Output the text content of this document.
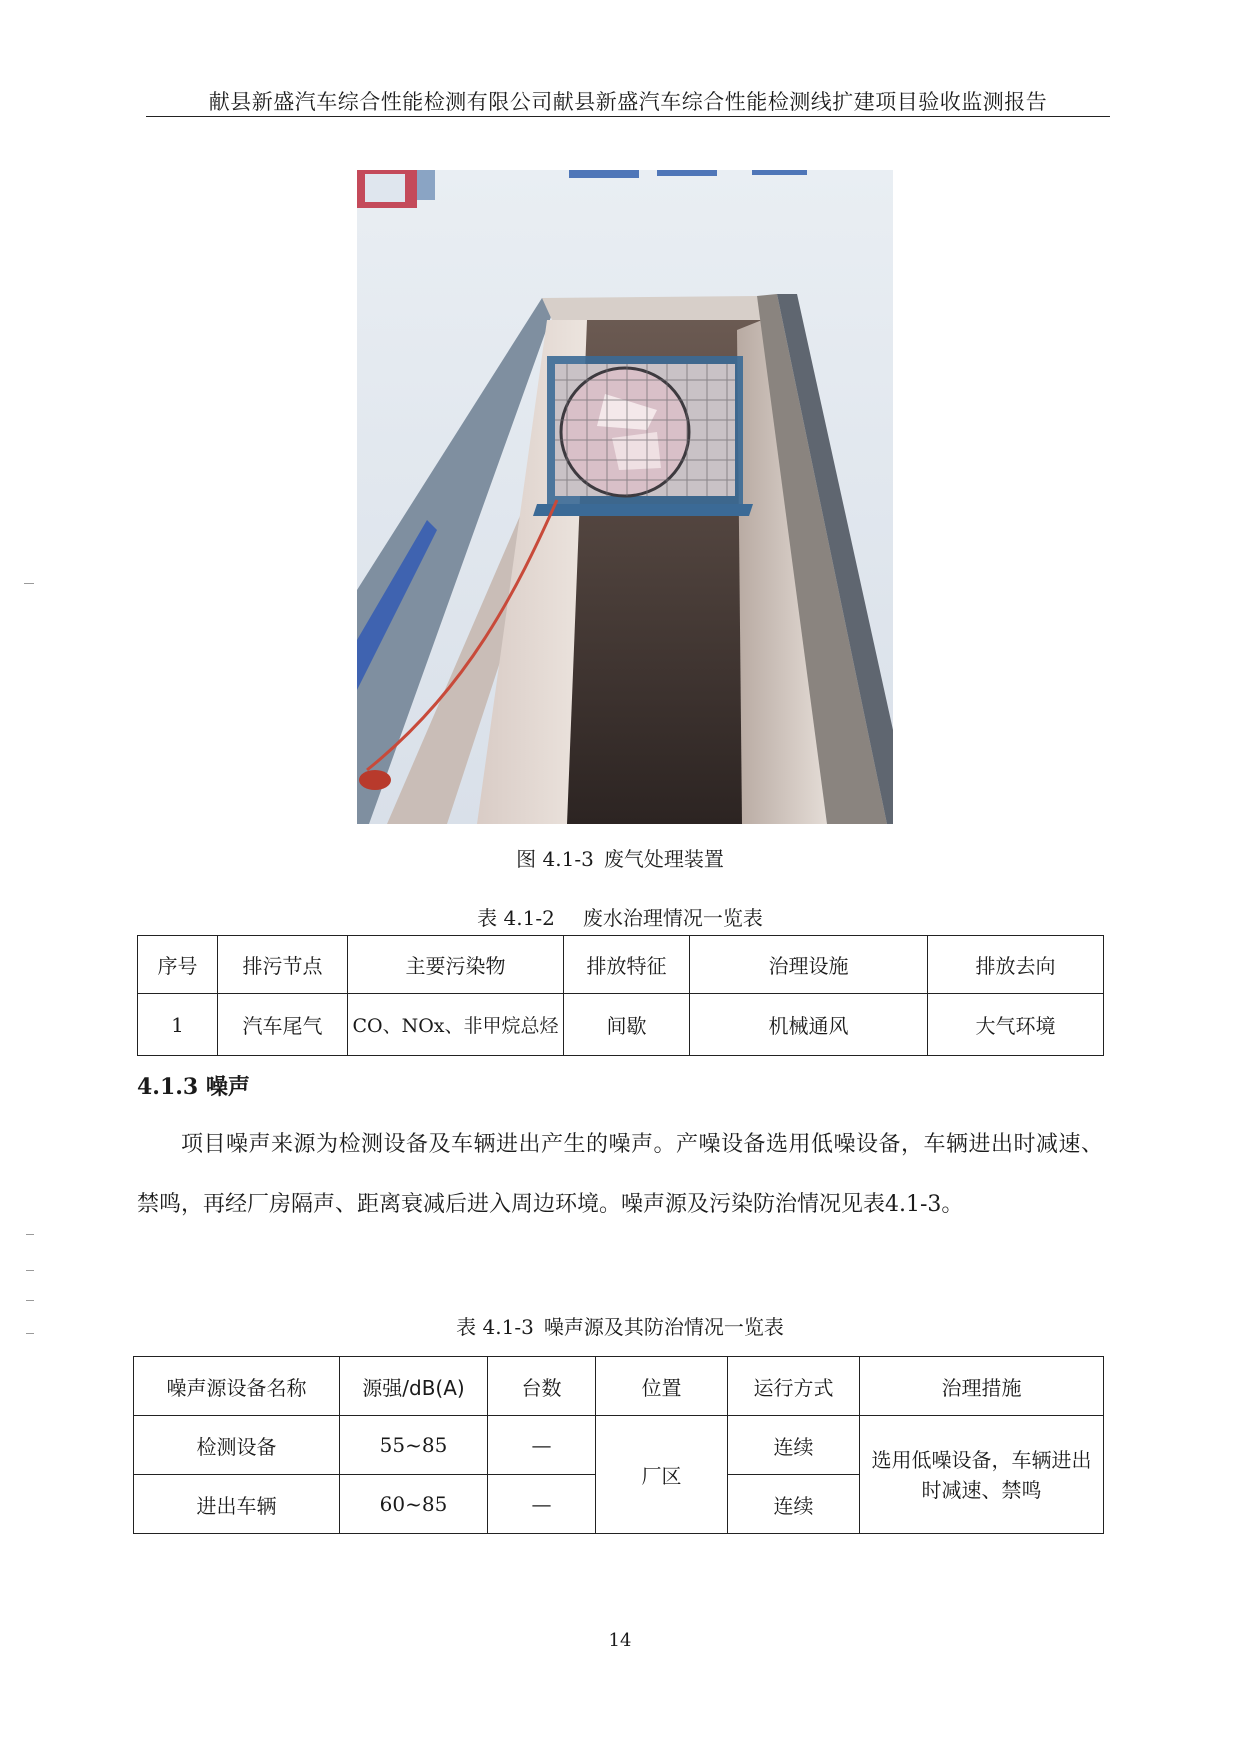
献县新盛汽车综合性能检测有限公司献县新盛汽车综合性能检测线扩建项目验收监测报告
图 4.1-3 废气处理装置
表 4.1-2 废水治理情况一览表
序号	排污节点	主要污染物	排放特征	治理设施	排放去向
1	汽车尾气	CO、NOx、非甲烷总烃	间歇	机械通风	大气环境
4.1.3 噪声
项目噪声来源为检测设备及车辆进出产生的噪声。产噪设备选用低噪设备，车辆进出时减速、禁鸣，再经厂房隔声、距离衰减后进入周边环境。噪声源及污染防治情况见表4.1-3。
表 4.1-3 噪声源及其防治情况一览表
噪声源设备名称	源强/dB(A)	台数	位置	运行方式	治理措施
检测设备	55~85	—	厂区	连续	选用低噪设备，车辆进出时减速、禁鸣
进出车辆	60~85	—		连续	
14
